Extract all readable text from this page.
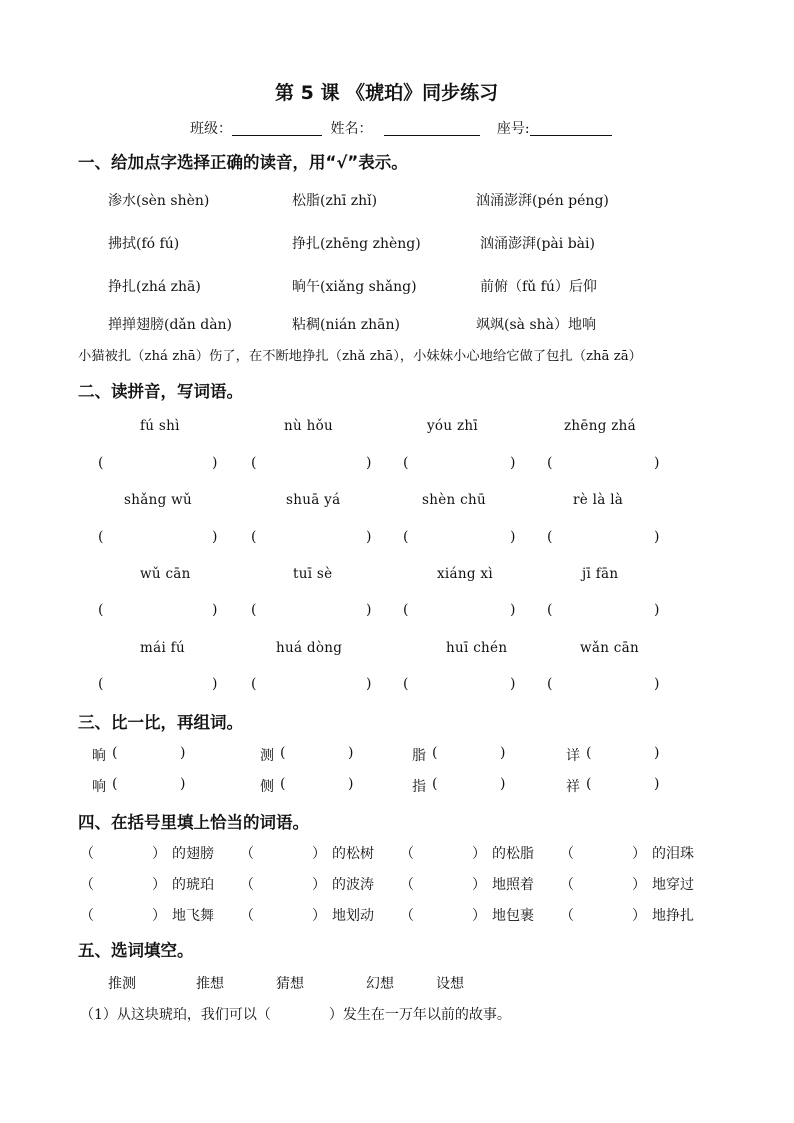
第 5 课 《琥珀》同步练习
班级：	姓名：	座号:
一、给加点字选择正确的读音，用“√”表示。
渗水(sèn shèn)	松脂(zhī zhǐ)	汹涌澎湃(pén péng)
拂拭(fó fú)	挣扎(zhēng zhèng)	汹涌澎湃(pài bài)
挣扎(zhá zhā)	晌午(xiǎng shǎng)	前俯（fǔ fú）后仰
掸掸翅膀(dǎn dàn)	粘稠(nián zhān)	飒飒(sà shà）地响
小猫被扎（zhá zhā）伤了，在不断地挣扎（zhǎ zhā），小妹妹小心地给它做了包扎（zhā zā）
二、读拼音，写词语。
fú shì	nù hǒu	yóu zhī	zhēng zhá
(	) (	) (	) (	)
shǎng wǔ	shuā yá	shèn chū	rè là là
(	) (	) (	) (	)
wǔ cān	tuī sè	xiáng xì	jī fān
(	) (	) (	) (	)
mái fú	huá dòng	huī chén	wǎn cān
(	) (	) (	) (	)
三、比一比，再组词。
晌 (	)	测 (	)	脂 (	)	详 (	)
响 (	)	侧 (	)	指 (	)	祥 (	)
四、在括号里填上恰当的词语。
（	） 的翅膀 （	） 的松树 （	） 的松脂 （	） 的泪珠
（	） 的琥珀 （	） 的波涛 （	） 地照着 （	） 地穿过
（	） 地飞舞 （	） 地划动 （	） 地包裹 （	） 地挣扎
五、选词填空。
推测	推想	猜想	幻想	设想
（1）从这块琥珀，我们可以（	）发生在一万年以前的故事。
